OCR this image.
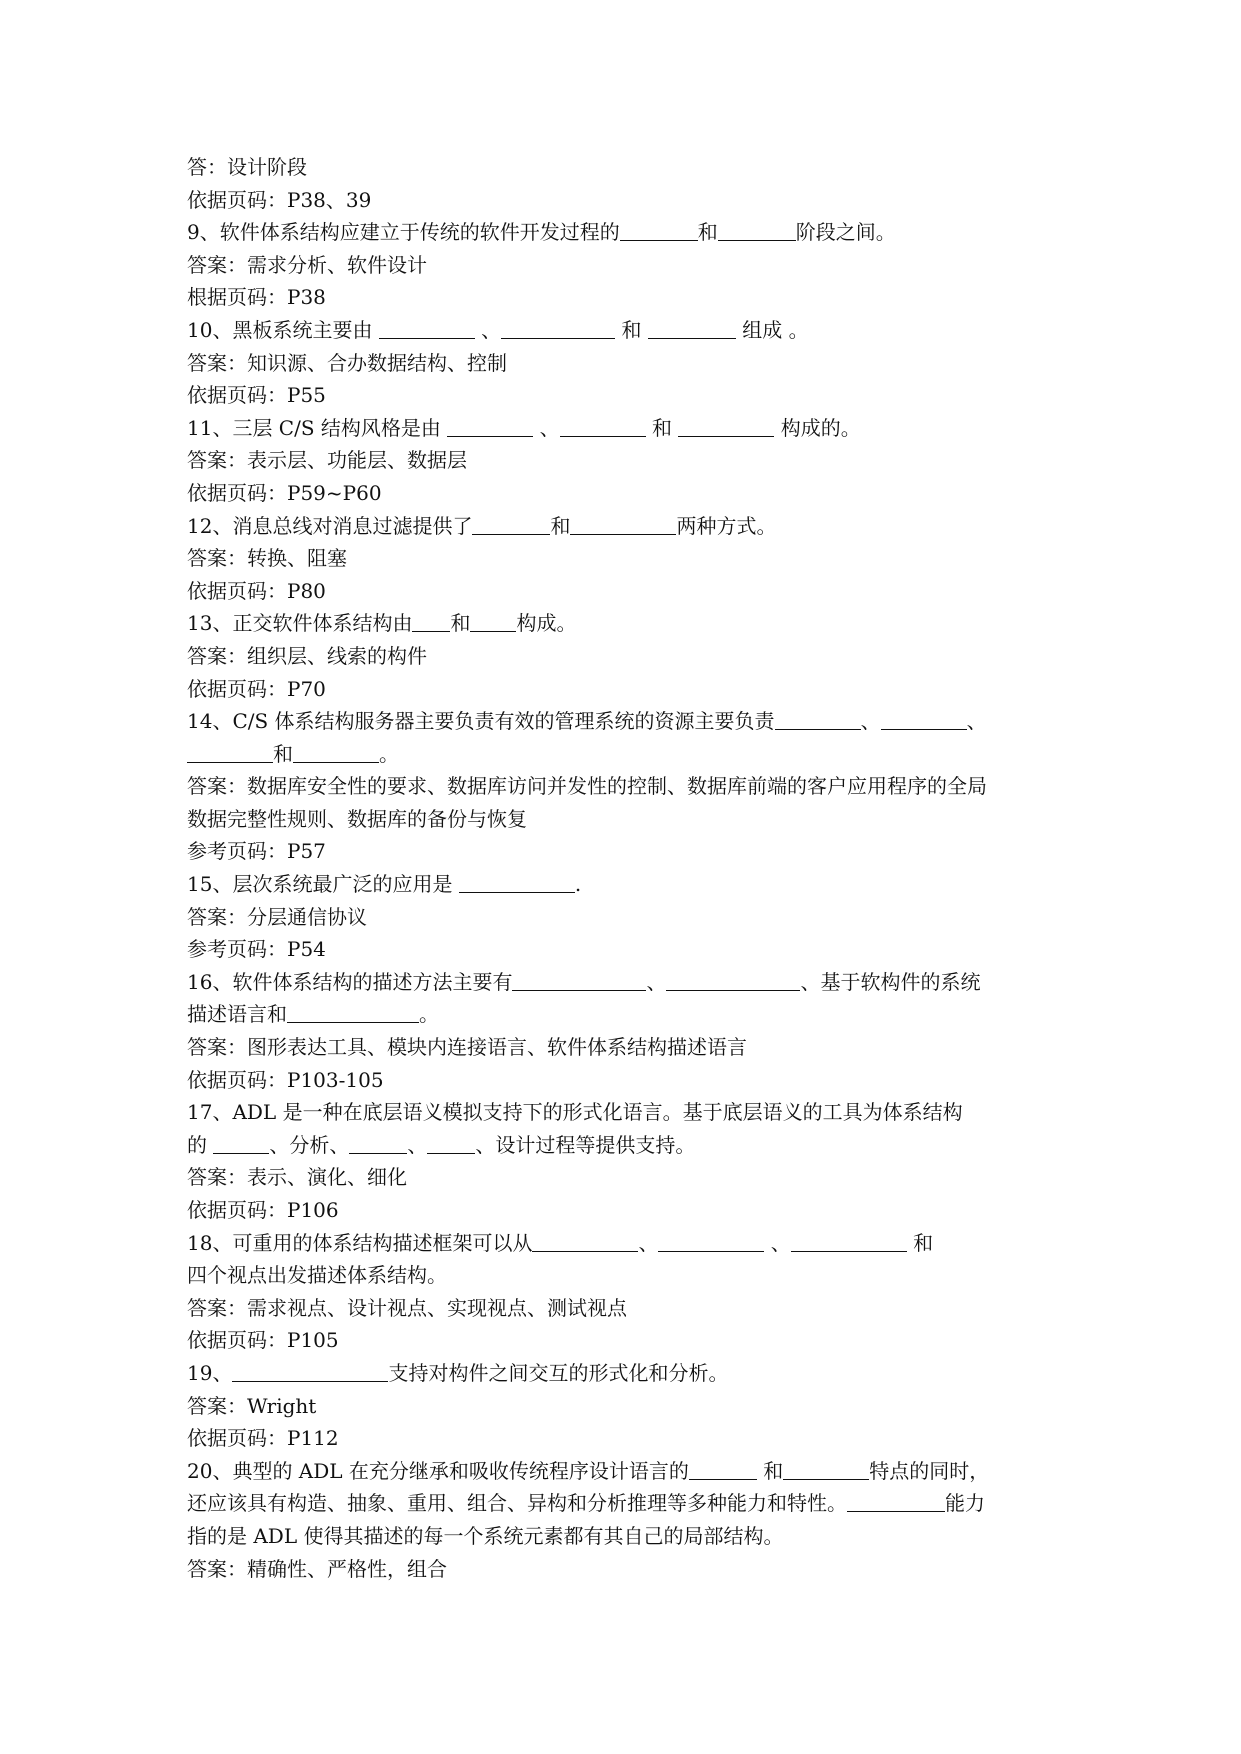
答：设计阶段
依据页码：P38、39
9、软件体系结构应建立于传统的软件开发过程的	和	阶段之间。
答案：需求分析、软件设计
根据页码：P38
10、黑板系统主要由	、	和	组成 。
答案：知识源、合办数据结构、控制
依据页码：P55
11、三层 C/S 结构风格是由	、	和	构成的。
答案：表示层、功能层、数据层
依据页码：P59~P60
12、消息总线对消息过滤提供了	和	两种方式。
答案：转换、阻塞
依据页码：P80
13、正交软件体系结构由 和 构成。
答案：组织层、线索的构件
依据页码：P70
14、C/S 体系结构服务器主要负责有效的管理系统的资源主要负责	、	、
和	。
答案：数据库安全性的要求、数据库访问并发性的控制、数据库前端的客户应用程序的全局
数据完整性规则、数据库的备份与恢复
参考页码：P57
15、层次系统最广泛的应用是	.
答案：分层通信协议
参考页码：P54
16、软件体系结构的描述方法主要有	、	、基于软构件的系统
描述语言和	。
答案：图形表达工具、模块内连接语言、软件体系结构描述语言
依据页码：P103-105
17、ADL 是一种在底层语义模拟支持下的形式化语言。基于底层语义的工具为体系结构
的	、分析、	、 、设计过程等提供支持。
答案：表示、演化、细化
依据页码：P106
18、可重用的体系结构描述框架可以从	、	、	和
四个视点出发描述体系结构。
答案：需求视点、设计视点、实现视点、测试视点
依据页码：P105
19、	支持对构件之间交互的形式化和分析。
答案：Wright
依据页码：P112
20、典型的 ADL 在充分继承和吸收传统程序设计语言的	和	特点的同时，
还应该具有构造、抽象、重用、组合、异构和分析推理等多种能力和特性。	能力
指的是 ADL 使得其描述的每一个系统元素都有其自己的局部结构。
答案：精确性、严格性，组合
